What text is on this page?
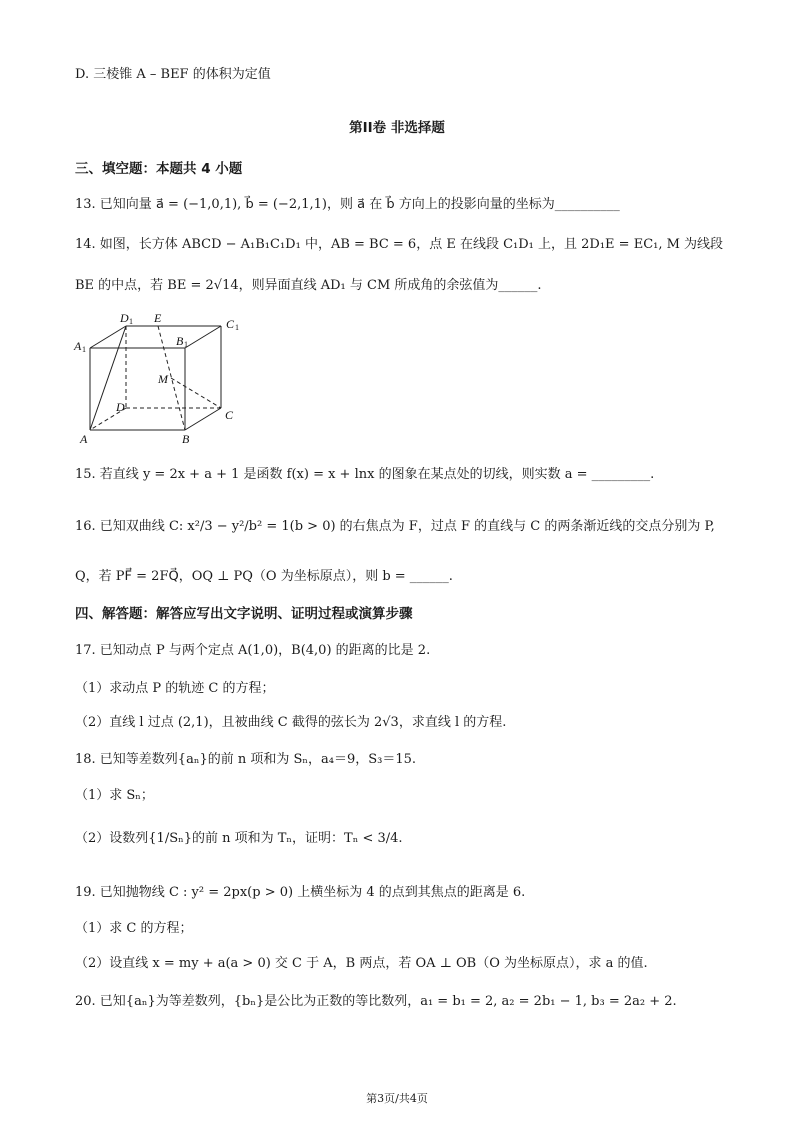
D. 三棱锥 A – BEF 的体积为定值
第II卷 非选择题
三、填空题：本题共 4 小题
13. 已知向量 a⃗ = (−1,0,1), b⃗ = (−2,1,1)，则 a⃗ 在 b⃗ 方向上的投影向量的坐标为__________
14. 如图，长方体 ABCD − A₁B₁C₁D₁ 中，AB = BC = 6，点 E 在线段 C₁D₁ 上，且 2D₁E = EC₁, M 为线段
BE 的中点，若 BE = 2√14，则异面直线 AD₁ 与 CM 所成角的余弦值为______.
D 1 E	C 1
A 1
B 1
M
D
C
A	B
15. 若直线 y = 2x + a + 1 是函数 f(x) = x + lnx 的图象在某点处的切线，则实数 a = _________.
16. 已知双曲线 C: x²/3 − y²/b² = 1(b > 0) 的右焦点为 F，过点 F 的直线与 C 的两条渐近线的交点分别为 P,
Q，若 PF⃗ = 2FQ⃗，OQ ⊥ PQ（O 为坐标原点），则 b = ______.
四、解答题：解答应写出文字说明、证明过程或演算步骤
17. 已知动点 P 与两个定点 A(1,0)，B(4,0) 的距离的比是 2.
（1）求动点 P 的轨迹 C 的方程；
（2）直线 l 过点 (2,1)，且被曲线 C 截得的弦长为 2√3，求直线 l 的方程.
18. 已知等差数列{aₙ}的前 n 项和为 Sₙ，a₄＝9，S₃＝15.
（1）求 Sₙ；
（2）设数列{1/Sₙ}的前 n 项和为 Tₙ，证明：Tₙ < 3/4.
19. 已知抛物线 C : y² = 2px(p > 0) 上横坐标为 4 的点到其焦点的距离是 6.
（1）求 C 的方程；
（2）设直线 x = my + a(a > 0) 交 C 于 A，B 两点，若 OA ⊥ OB（O 为坐标原点），求 a 的值.
20. 已知{aₙ}为等差数列，{bₙ}是公比为正数的等比数列，a₁ = b₁ = 2, a₂ = 2b₁ − 1, b₃ = 2a₂ + 2.
第3页/共4页
